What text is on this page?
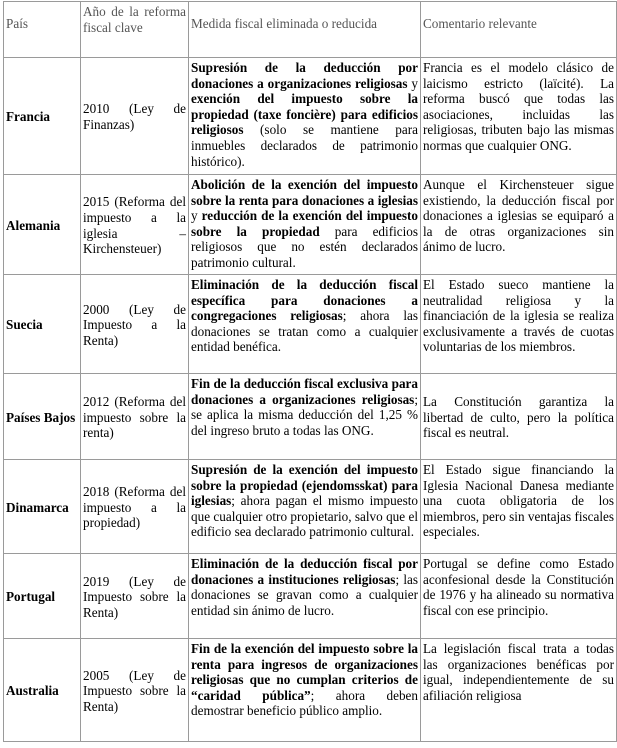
País	Año de la reforma fiscal clave	Medida fiscal eliminada o reducida	Comentario relevante
Francia	2010 (Ley de Finanzas)	Supresión de la deducción por donaciones a organizaciones religiosas y exención del impuesto sobre la propiedad (taxe foncière) para edificios religiosos (solo se mantiene para inmuebles declarados de patrimonio histórico).	Francia es el modelo clásico de laicismo estricto (laïcité). La reforma buscó que todas las asociaciones, incluidas las religiosas, tributen bajo las mismas normas que cualquier ONG.
Alemania	2015 (Reforma del impuesto a la iglesia – Kirchensteuer)	Abolición de la exención del impuesto sobre la renta para donaciones a iglesias y reducción de la exención del impuesto sobre la propiedad para edificios religiosos que no estén declarados patrimonio cultural.	Aunque el Kirchensteuer sigue existiendo, la deducción fiscal por donaciones a iglesias se equiparó a la de otras organizaciones sin ánimo de lucro.
Suecia	2000 (Ley de Impuesto a la Renta)	Eliminación de la deducción fiscal específica para donaciones a congregaciones religiosas; ahora las donaciones se tratan como a cualquier entidad benéfica.	El Estado sueco mantiene la neutralidad religiosa y la financiación de la iglesia se realiza exclusivamente a través de cuotas voluntarias de los miembros.
Países Bajos	2012 (Reforma del impuesto sobre la renta)	Fin de la deducción fiscal exclusiva para donaciones a organizaciones religiosas; se aplica la misma deducción del 1,25 % del ingreso bruto a todas las ONG.	La Constitución garantiza la libertad de culto, pero la política fiscal es neutral.
Dinamarca	2018 (Reforma del impuesto a la propiedad)	Supresión de la exención del impuesto sobre la propiedad (ejendomsskat) para iglesias; ahora pagan el mismo impuesto que cualquier otro propietario, salvo que el edificio sea declarado patrimonio cultural.	El Estado sigue financiando la Iglesia Nacional Danesa mediante una cuota obligatoria de los miembros, pero sin ventajas fiscales especiales.
Portugal	2019 (Ley de Impuesto sobre la Renta)	Eliminación de la deducción fiscal por donaciones a instituciones religiosas; las donaciones se gravan como a cualquier entidad sin ánimo de lucro.	Portugal se define como Estado aconfesional desde la Constitución de 1976 y ha alineado su normativa fiscal con ese principio.
Australia	2005 (Ley de Impuesto sobre la Renta)	Fin de la exención del impuesto sobre la renta para ingresos de organizaciones religiosas que no cumplan criterios de “caridad pública”; ahora deben demostrar beneficio público amplio.	La legislación fiscal trata a todas las organizaciones benéficas por igual, independientemente de su afiliación religiosa
